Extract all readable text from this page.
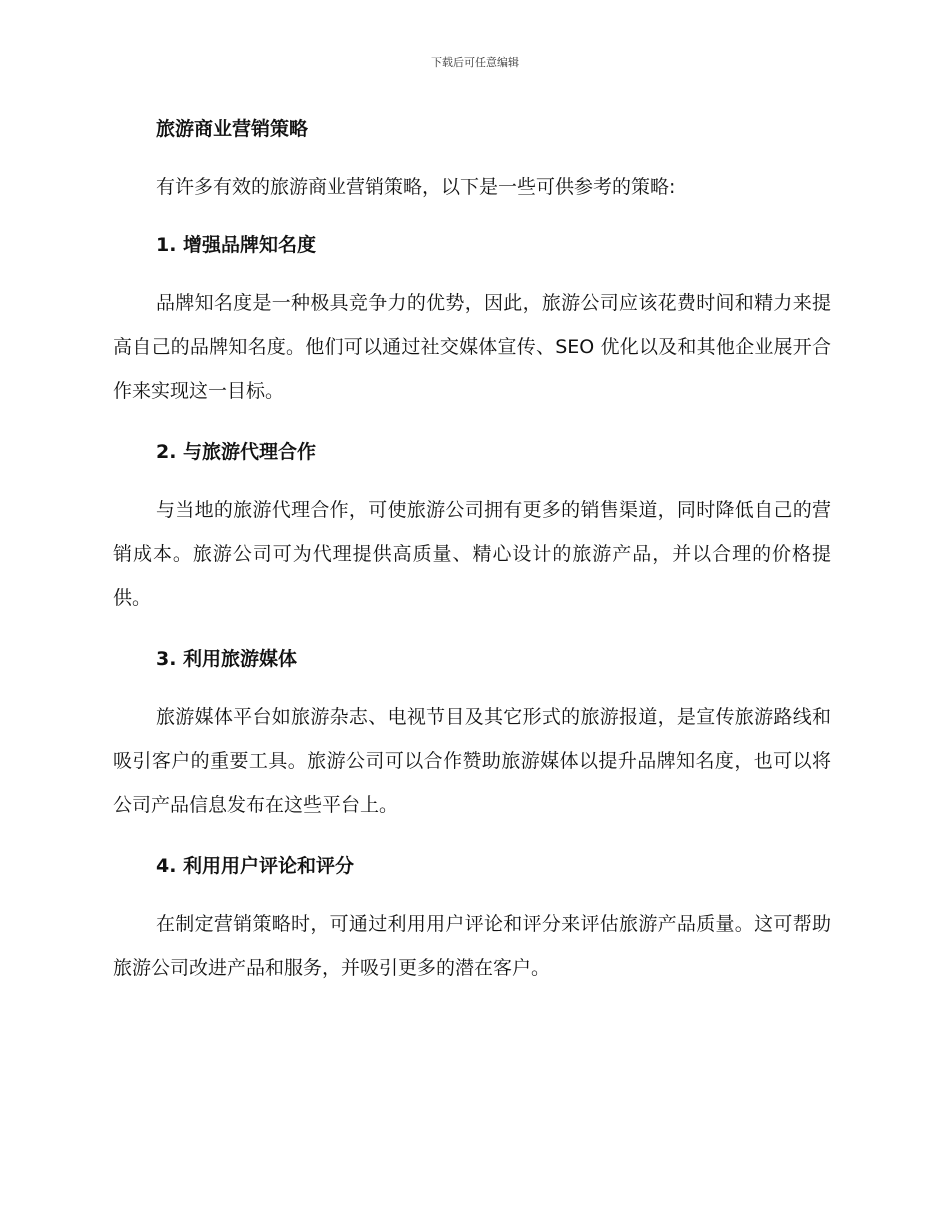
下载后可任意编辑
旅游商业营销策略

有许多有效的旅游商业营销策略，以下是一些可供参考的策略:

1. 增强品牌知名度

品牌知名度是一种极具竞争力的优势，因此，旅游公司应该花费时间和精力来提高自己的品牌知名度。他们可以通过社交媒体宣传、SEO 优化以及和其他企业展开合作来实现这一目标。

2. 与旅游代理合作

与当地的旅游代理合作，可使旅游公司拥有更多的销售渠道，同时降低自己的营销成本。旅游公司可为代理提供高质量、精心设计的旅游产品，并以合理的价格提供。

3. 利用旅游媒体

旅游媒体平台如旅游杂志、电视节目及其它形式的旅游报道，是宣传旅游路线和吸引客户的重要工具。旅游公司可以合作赞助旅游媒体以提升品牌知名度，也可以将公司产品信息发布在这些平台上。

4. 利用用户评论和评分

在制定营销策略时，可通过利用用户评论和评分来评估旅游产品质量。这可帮助旅游公司改进产品和服务，并吸引更多的潜在客户。
